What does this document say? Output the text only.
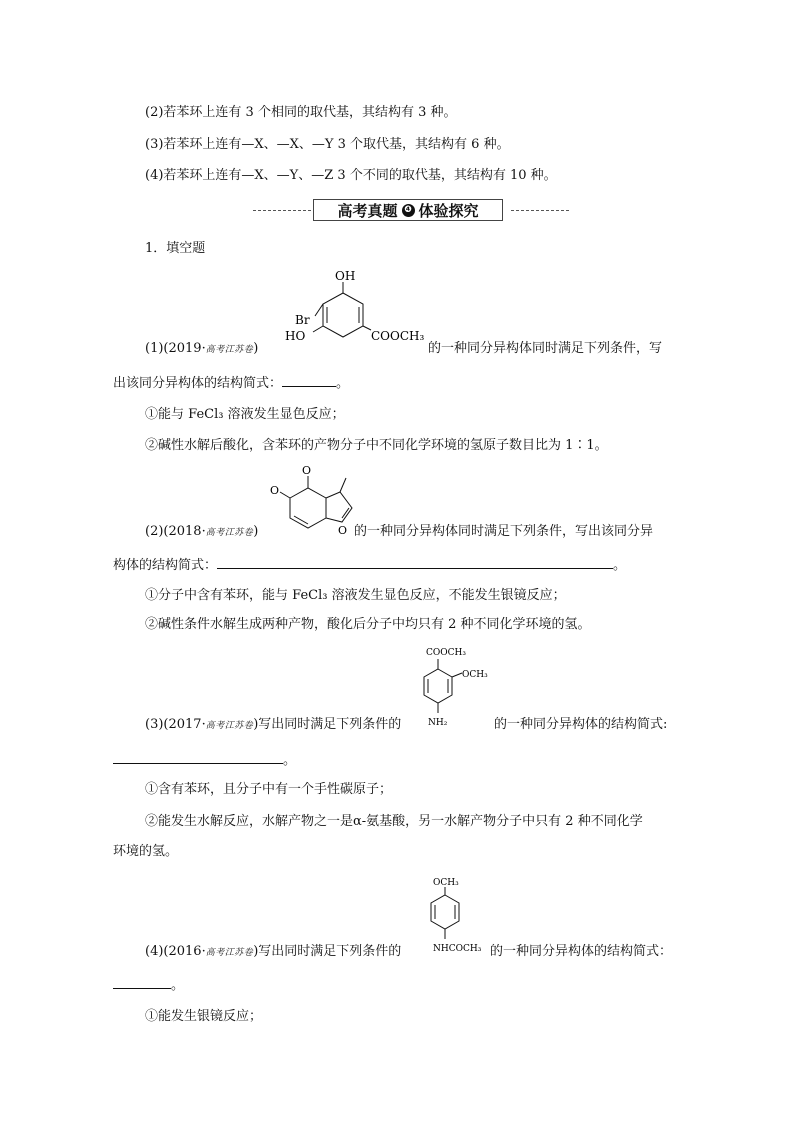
(2)若苯环上连有 3 个相同的取代基，其结构有 3 种。
(3)若苯环上连有—X、—X、—Y 3 个取代基，其结构有 6 种。
(4)若苯环上连有—X、—Y、—Z 3 个不同的取代基，其结构有 10 种。
高考真题 ❹ 体验探究
1．填空题
OH
Br
HO	COOCH₃
(1)(2019·高考江苏卷)	的一种同分异构体同时满足下列条件，写
出该同分异构体的结构简式：	。
①能与 FeCl₃ 溶液发生显色反应；
②碱性水解后酸化，含苯环的产物分子中不同化学环境的氢原子数目比为 1∶1。
O
O
O
(2)(2018·高考江苏卷)	的一种同分异构体同时满足下列条件，写出该同分异
构体的结构简式：	。
①分子中含有苯环，能与 FeCl₃ 溶液发生显色反应，不能发生银镜反应；
②碱性条件水解生成两种产物，酸化后分子中均只有 2 种不同化学环境的氢。
COOCH₃
OCH₃
NH₂
(3)(2017·高考江苏卷)写出同时满足下列条件的	的一种同分异构体的结构简式:
。
①含有苯环，且分子中有一个手性碳原子；
②能发生水解反应，水解产物之一是α-氨基酸，另一水解产物分子中只有 2 种不同化学
环境的氢。
OCH₃
NHCOCH₃
(4)(2016·高考江苏卷)写出同时满足下列条件的	的一种同分异构体的结构简式：
。
①能发生银镜反应；
